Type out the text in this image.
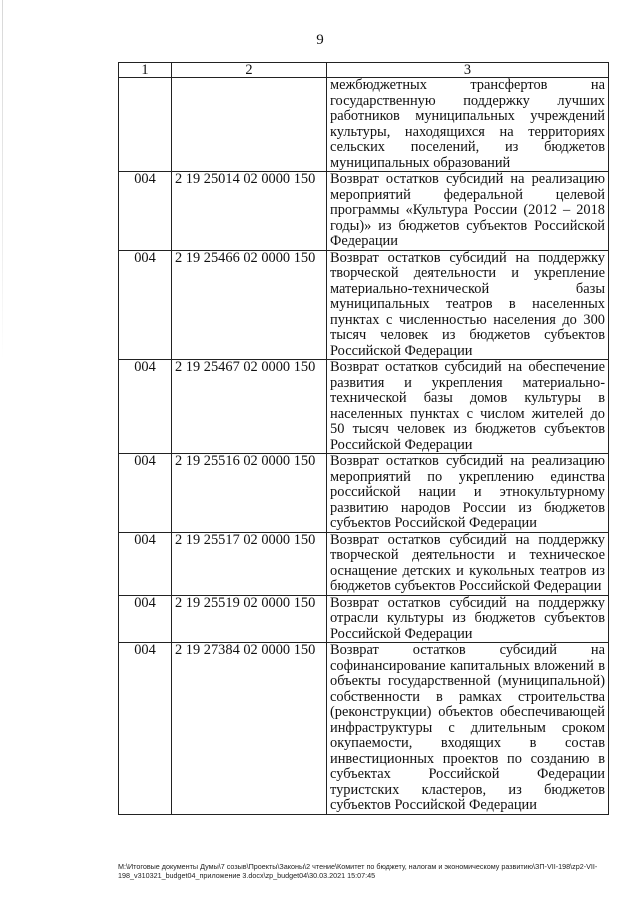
9
1	2	3
		межбюджетных трансфертов на государственную поддержку лучших работников муниципальных учреждений культуры, находящихся на территориях сельских поселений, из бюджетов муниципальных образований
004	2 19 25014 02 0000 150	Возврат остатков субсидий на реализацию мероприятий федеральной целевой программы «Культура России (2012 – 2018 годы)» из бюджетов субъектов Российской Федерации
004	2 19 25466 02 0000 150	Возврат остатков субсидий на поддержку творческой деятельности и укрепление материально-технической базы муниципальных театров в населенных пунктах с численностью населения до 300 тысяч человек из бюджетов субъектов Российской Федерации
004	2 19 25467 02 0000 150	Возврат остатков субсидий на обеспечение развития и укрепления материально- технической базы домов культуры в населенных пунктах с числом жителей до 50 тысяч человек из бюджетов субъектов Российской Федерации
004	2 19 25516 02 0000 150	Возврат остатков субсидий на реализацию мероприятий по укреплению единства российской нации и этнокультурному развитию народов России из бюджетов субъектов Российской Федерации
004	2 19 25517 02 0000 150	Возврат остатков субсидий на поддержку творческой деятельности и техническое оснащение детских и кукольных театров из бюджетов субъектов Российской Федерации
004	2 19 25519 02 0000 150	Возврат остатков субсидий на поддержку отрасли культуры из бюджетов субъектов Российской Федерации
004	2 19 27384 02 0000 150	Возврат остатков субсидий на софинансирование капитальных вложений в объекты государственной (муниципальной) собственности в рамках строительства (реконструкции) объектов обеспечивающей инфраструктуры с длительным сроком окупаемости, входящих в состав инвестиционных проектов по созданию в субъектах Российской Федерации туристских кластеров, из бюджетов субъектов Российской Федерации
M:\Итоговые документы Думы\7 созыв\Проекты\Законы\2 чтение\Комитет по бюджету, налогам и экономическому развитию\ЗП-VII-198\zp2-VII-
198_v310321_budget04_приложение 3.docx\zp_budget04\30.03.2021 15:07:45
